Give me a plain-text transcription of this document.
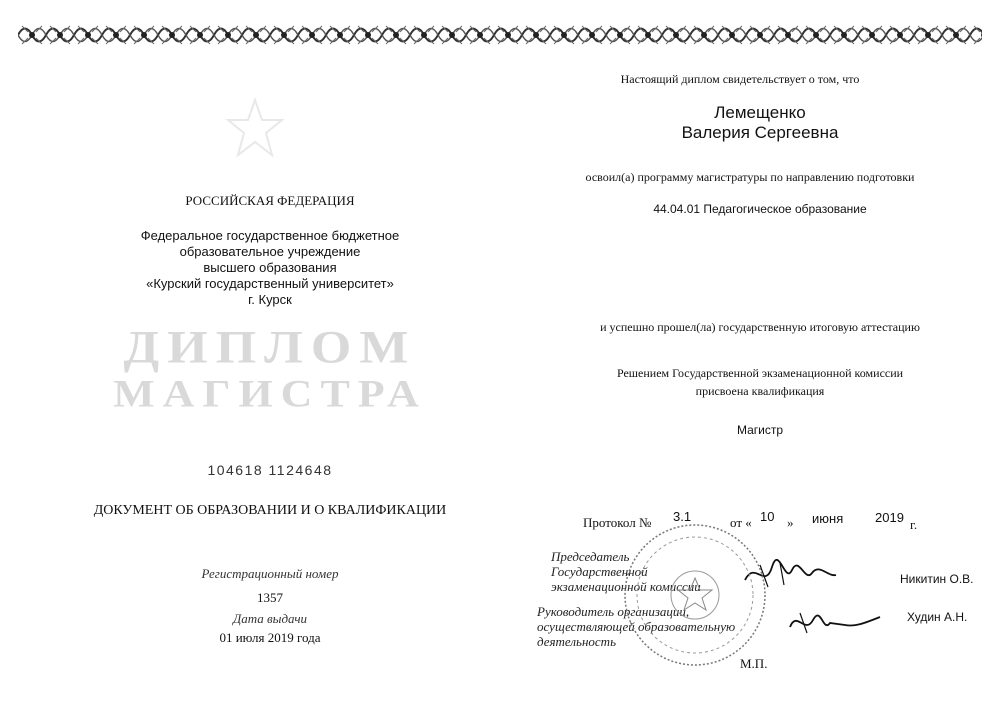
РОССИЙСКАЯ ФЕДЕРАЦИЯ
Федеральное государственное бюджетное
образовательное учреждение
высшего образования
«Курский государственный университет»
г. Курск
ДИПЛОМ
МАГИСТРА
104618 1124648
ДОКУМЕНТ ОБ ОБРАЗОВАНИИ И О КВАЛИФИКАЦИИ
Регистрационный номер
1357
Дата выдачи
01 июля 2019 года
Настоящий диплом свидетельствует о том, что
Лемещенко
Валерия Сергеевна
освоил(а) программу магистратуры по направлению подготовки
44.04.01 Педагогическое образование
и успешно прошел(ла) государственную итоговую аттестацию
Решением Государственной экзаменационной комиссии
присвоена квалификация
Магистр
Протокол № 3.1	от « 10 » июня 2019 г.
Председатель
Государственной
экзаменационной комиссии	Никитин О.В.
Руководитель организации,
осуществляющей образовательную
деятельность
Худин А.Н.
М.П.
